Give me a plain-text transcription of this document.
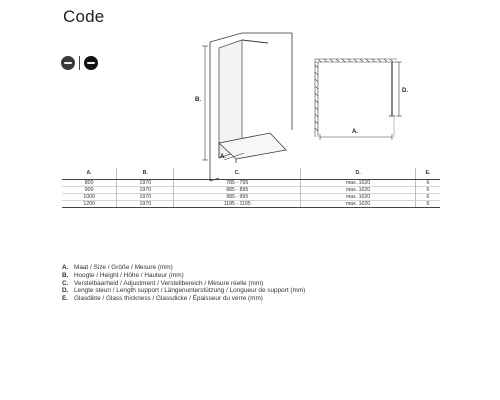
Code
B.
A.
A.
D.
A.	B.	C.	D.	E.
800	1970	785 - 795	max. 1020	6
900	1970	885 - 895	max. 1020	6
1000	1970	985 - 995	max. 1020	6
1200	1970	1185 - 1195	max. 1020	6
A. Maat / Size / Größe / Mesure (mm)
B. Hoogte / Height / Höhe / Hauteur (mm)
C. Verstelbaarheid / Adjustment / Verstellbereich / Mesure réelle (mm)
D. Lengte steun / Length support / Längenunterstützung / Longueur de support (mm)
E. Glasdikte / Glass thickness / Glassdicke / Épaisseur du verre (mm)
